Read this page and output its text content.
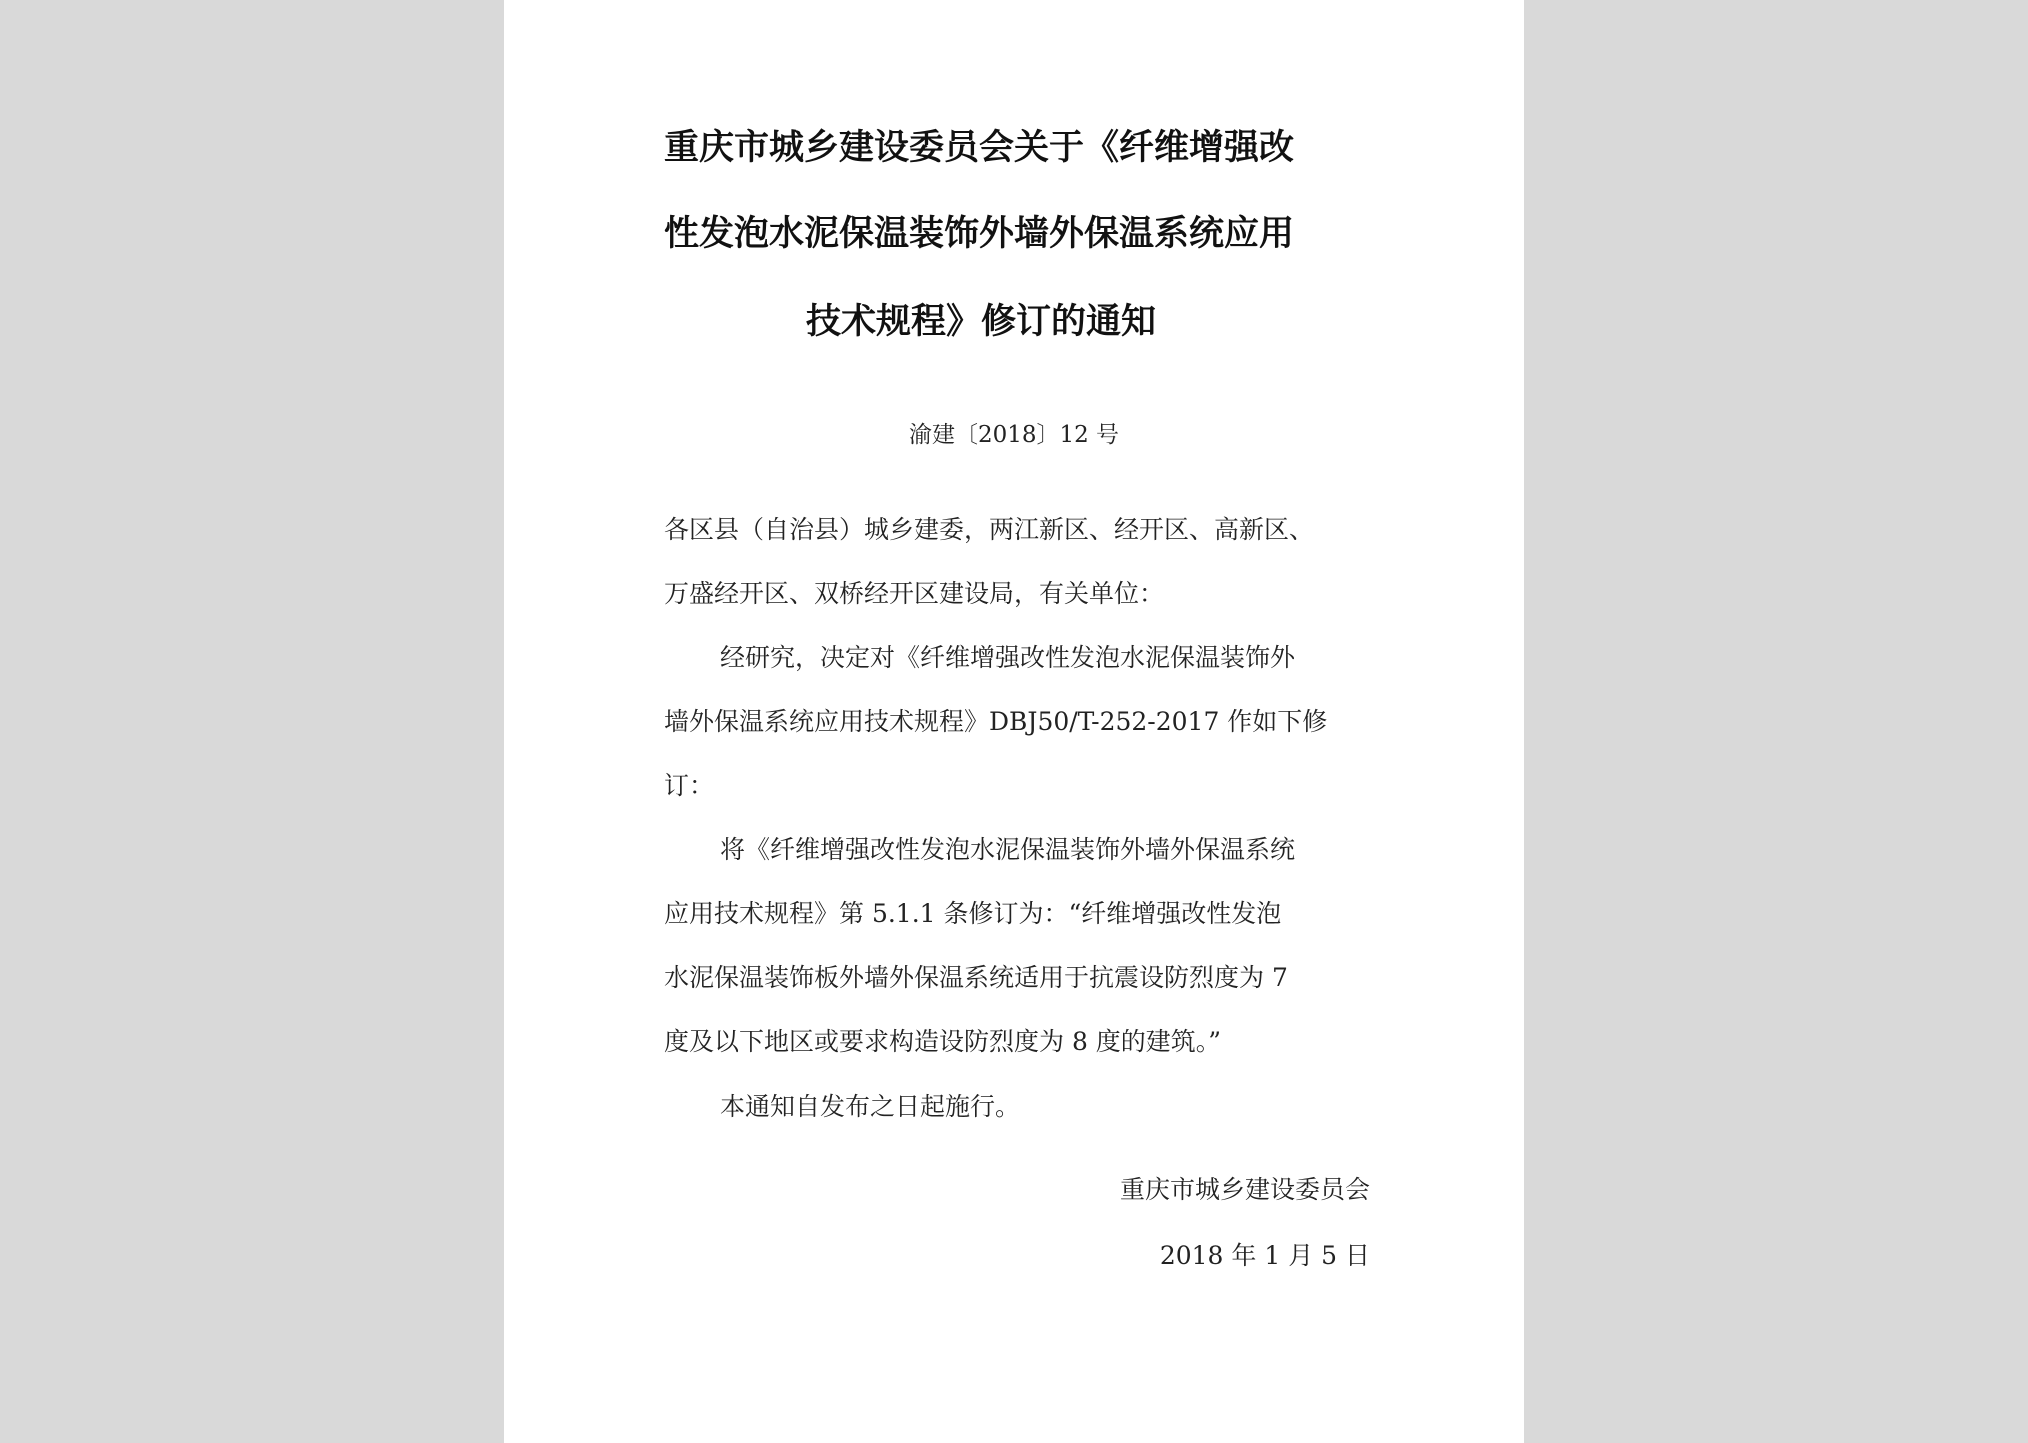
重庆市城乡建设委员会关于《纤维增强改
性发泡水泥保温装饰外墙外保温系统应用
技术规程》修订的通知
渝建〔2018〕12 号
各区县（自治县）城乡建委，两江新区、经开区、高新区、
万盛经开区、双桥经开区建设局，有关单位：
经研究，决定对《纤维增强改性发泡水泥保温装饰外
墙外保温系统应用技术规程》DBJ50/T-252-2017 作如下修
订：
将《纤维增强改性发泡水泥保温装饰外墙外保温系统
应用技术规程》第 5.1.1 条修订为：“纤维增强改性发泡
水泥保温装饰板外墙外保温系统适用于抗震设防烈度为 7
度及以下地区或要求构造设防烈度为 8 度的建筑。”
本通知自发布之日起施行。
重庆市城乡建设委员会
2018 年 1 月 5 日
